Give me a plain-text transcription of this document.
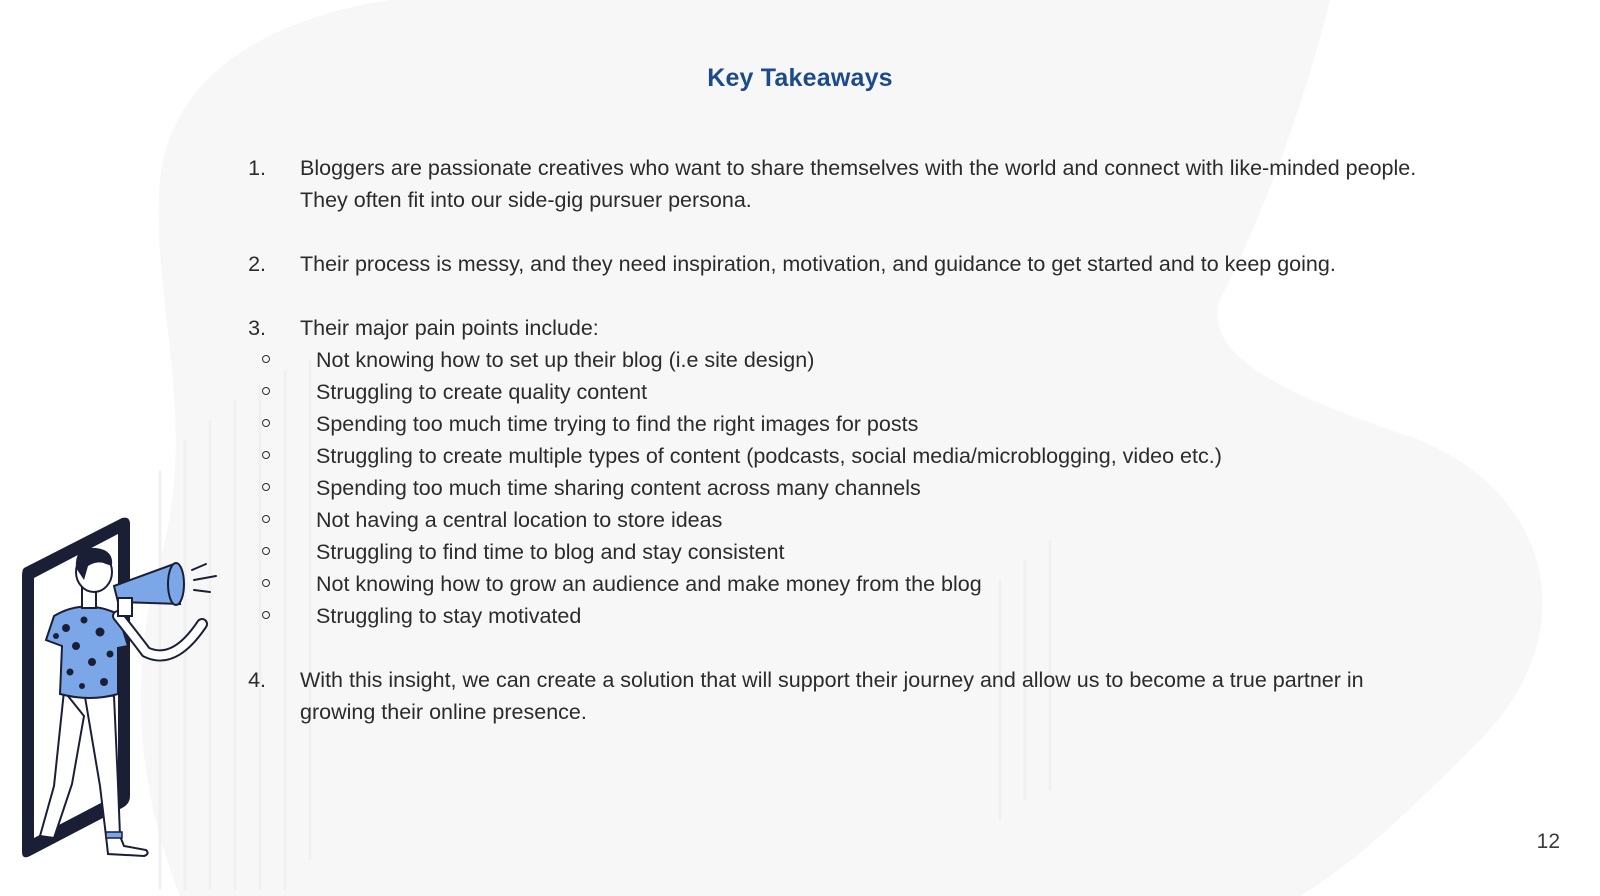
Key Takeaways
1. Bloggers are passionate creatives who want to share themselves with the world and connect with like-minded people. They often fit into our side-gig pursuer persona.
2. Their process is messy, and they need inspiration, motivation, and guidance to get started and to keep going.
3. Their major pain points include:
Not knowing how to set up their blog (i.e site design)
Struggling to create quality content
Spending too much time trying to find the right images for posts
Struggling to create multiple types of content (podcasts, social media/microblogging, video etc.)
Spending too much time sharing content across many channels
Not having a central location to store ideas
Struggling to find time to blog and stay consistent
Not knowing how to grow an audience and make money from the blog
Struggling to stay motivated
4. With this insight, we can create a solution that will support their journey and allow us to become a true partner in growing their online presence.
12
